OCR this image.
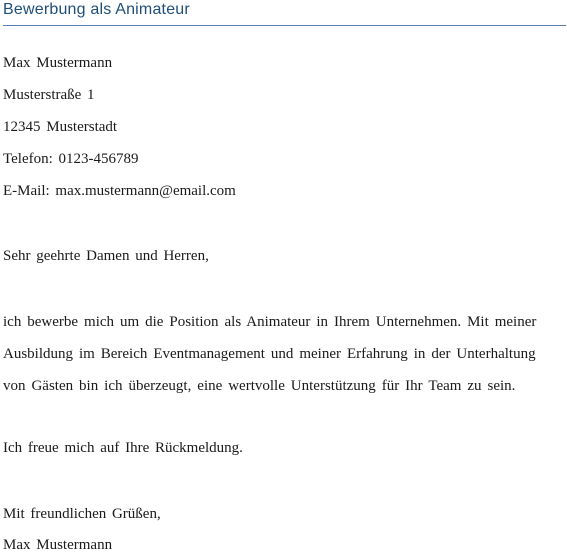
Bewerbung als Animateur
Max Mustermann
Musterstraße 1
12345 Musterstadt
Telefon: 0123-456789
E-Mail: max.mustermann@email.com
Sehr geehrte Damen und Herren,
ich bewerbe mich um die Position als Animateur in Ihrem Unternehmen. Mit meiner
Ausbildung im Bereich Eventmanagement und meiner Erfahrung in der Unterhaltung
von Gästen bin ich überzeugt, eine wertvolle Unterstützung für Ihr Team zu sein.
Ich freue mich auf Ihre Rückmeldung.
Mit freundlichen Grüßen,
Max Mustermann
